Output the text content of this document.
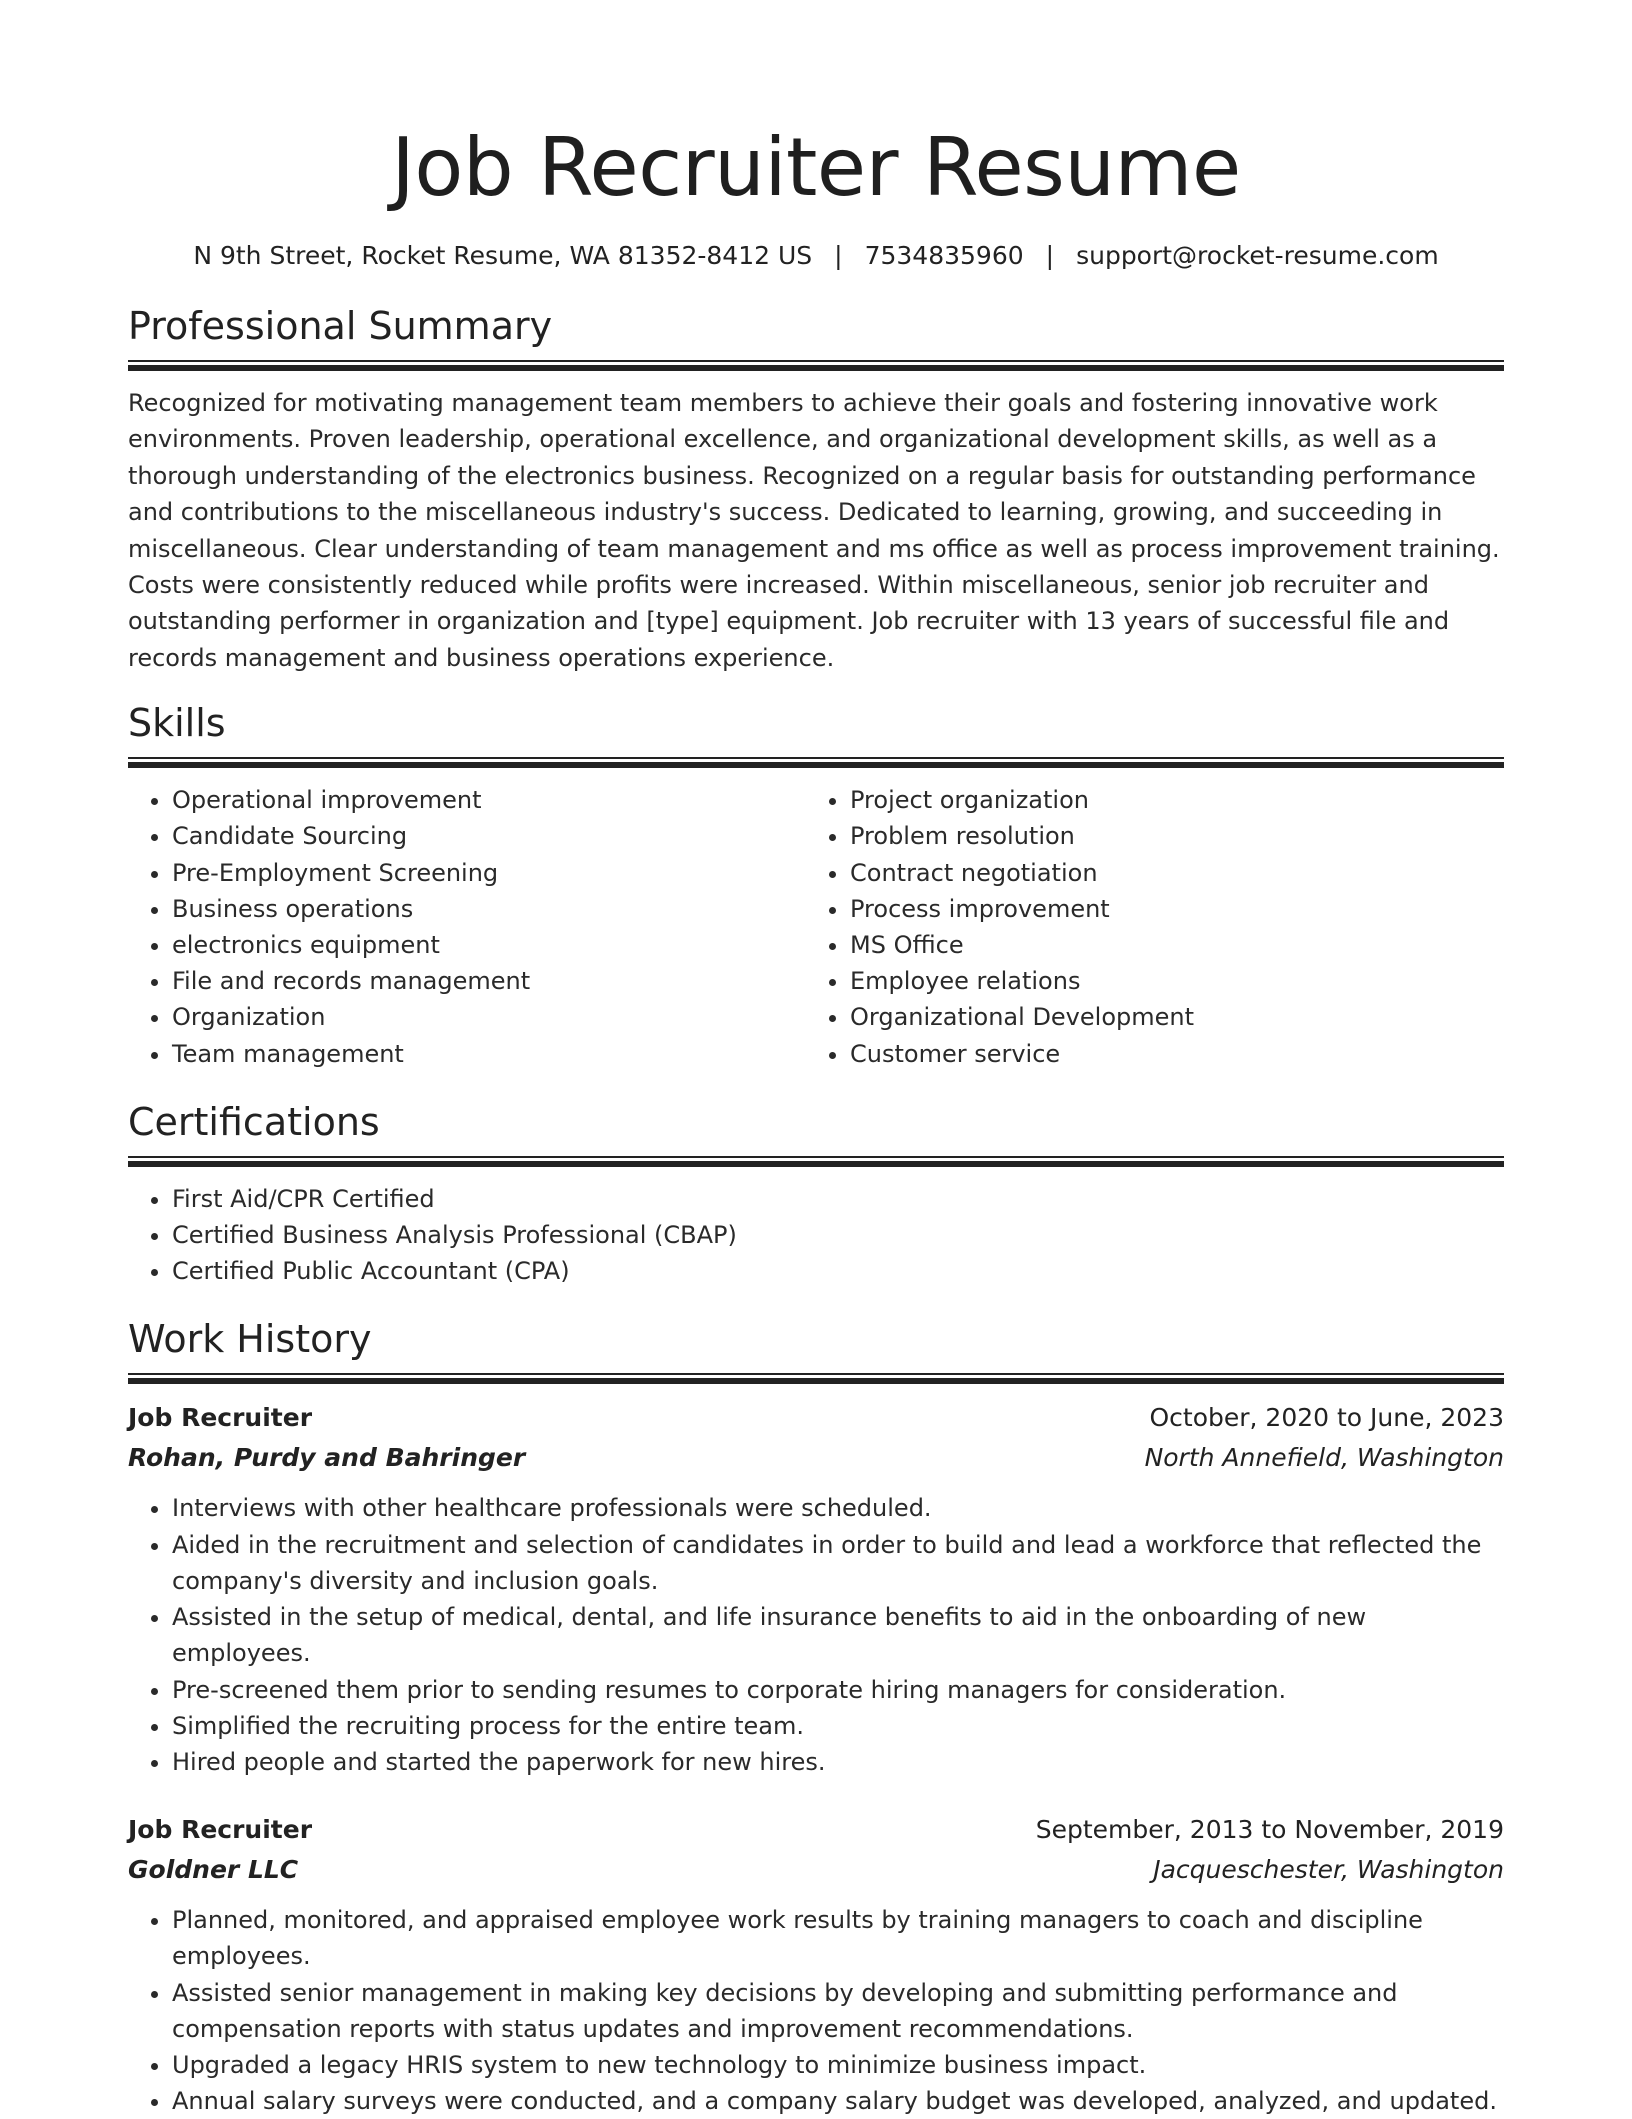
Job Recruiter Resume
N 9th Street, Rocket Resume, WA 81352-8412 US | 7534835960 | support@rocket-resume.com
Professional Summary

Recognized for motivating management team members to achieve their goals and fostering innovative work environments. Proven leadership, operational excellence, and organizational development skills, as well as a thorough understanding of the electronics business. Recognized on a regular basis for outstanding performance and contributions to the miscellaneous industry's success. Dedicated to learning, growing, and succeeding in miscellaneous. Clear understanding of team management and ms office as well as process improvement training. Costs were consistently reduced while profits were increased. Within miscellaneous, senior job recruiter and outstanding performer in organization and [type] equipment. Job recruiter with 13 years of successful file and records management and business operations experience.

Skills
• Operational improvement
• Candidate Sourcing
• Pre-Employment Screening
• Business operations
• electronics equipment
• File and records management
• Organization
• Team management
• Project organization
• Problem resolution
• Contract negotiation
• Process improvement
• MS Office
• Employee relations
• Organizational Development
• Customer service
Certifications
• First Aid/CPR Certified
• Certified Business Analysis Professional (CBAP)
• Certified Public Accountant (CPA)
Work History
Job Recruiter	October, 2020 to June, 2023
Rohan, Purdy and Bahringer	North Annefield, Washington
• Interviews with other healthcare professionals were scheduled.
• Aided in the recruitment and selection of candidates in order to build and lead a workforce that reflected the company's diversity and inclusion goals.
• Assisted in the setup of medical, dental, and life insurance benefits to aid in the onboarding of new employees.
• Pre-screened them prior to sending resumes to corporate hiring managers for consideration.
• Simplified the recruiting process for the entire team.
• Hired people and started the paperwork for new hires.
Job Recruiter	September, 2013 to November, 2019
Goldner LLC	Jacqueschester, Washington
• Planned, monitored, and appraised employee work results by training managers to coach and discipline employees.
• Assisted senior management in making key decisions by developing and submitting performance and compensation reports with status updates and improvement recommendations.
• Upgraded a legacy HRIS system to new technology to minimize business impact.
• Annual salary surveys were conducted, and a company salary budget was developed, analyzed, and updated.
